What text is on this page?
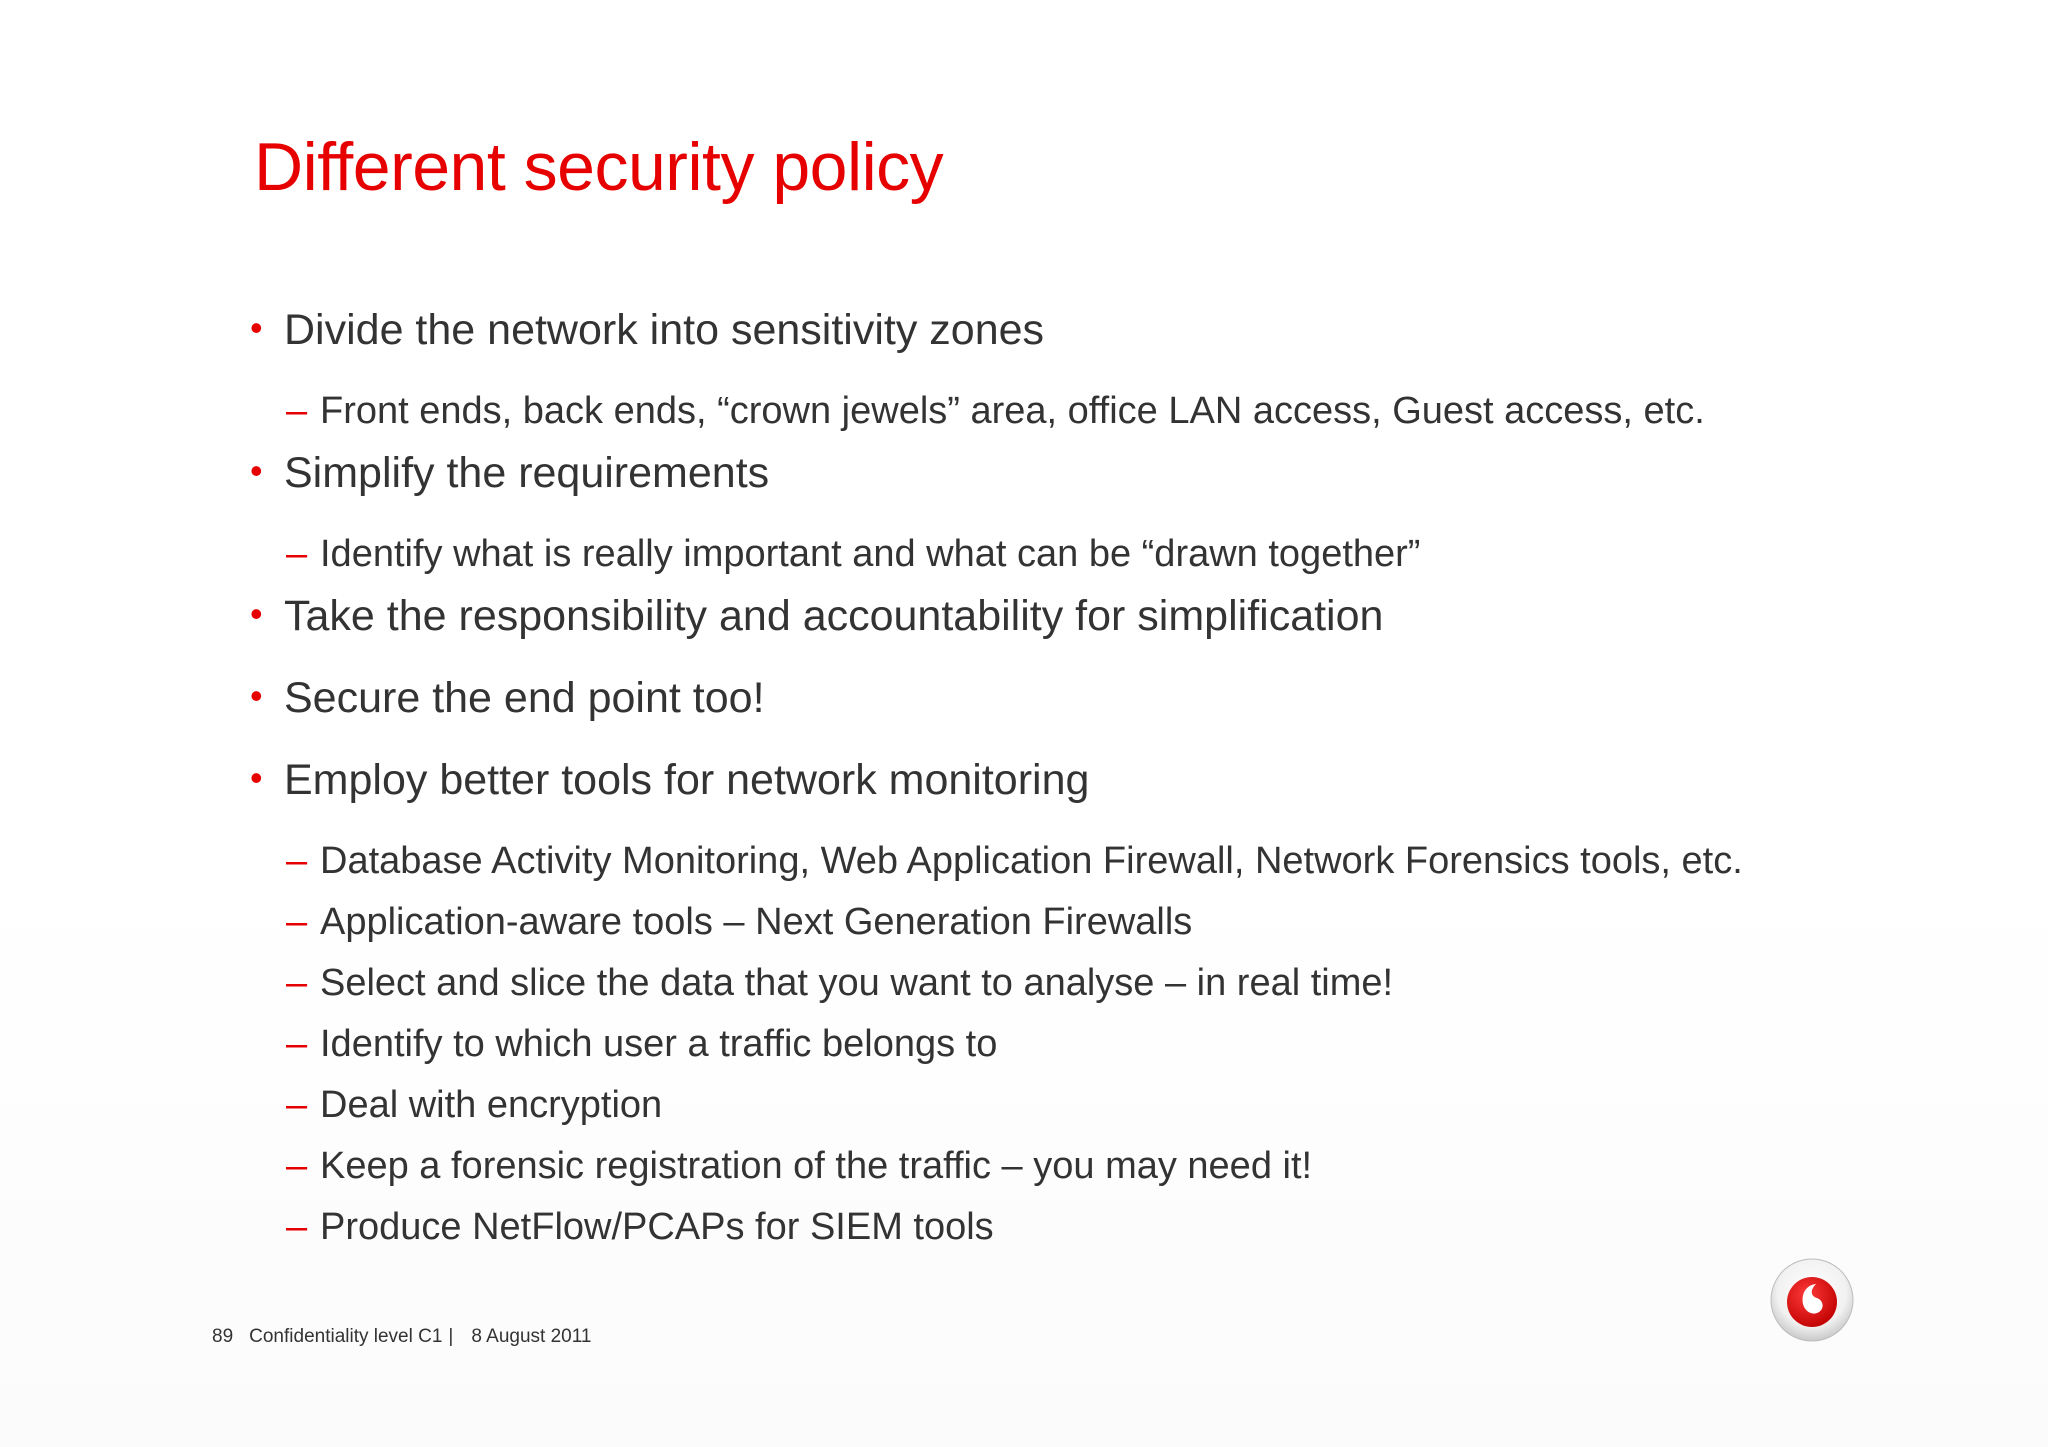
Different security policy
• Divide the network into sensitivity zones
– Front ends, back ends, “crown jewels” area, office LAN access, Guest access, etc.
• Simplify the requirements
– Identify what is really important and what can be “drawn together”
• Take the responsibility and accountability for simplification
• Secure the end point too!
• Employ better tools for network monitoring
– Database Activity Monitoring, Web Application Firewall, Network Forensics tools, etc.
– Application-aware tools – Next Generation Firewalls
– Select and slice the data that you want to analyse – in real time!
– Identify to which user a traffic belongs to
– Deal with encryption
– Keep a forensic registration of the traffic – you may need it!
– Produce NetFlow/PCAPs for SIEM tools
89 Confidentiality level C1 | 8 August 2011
